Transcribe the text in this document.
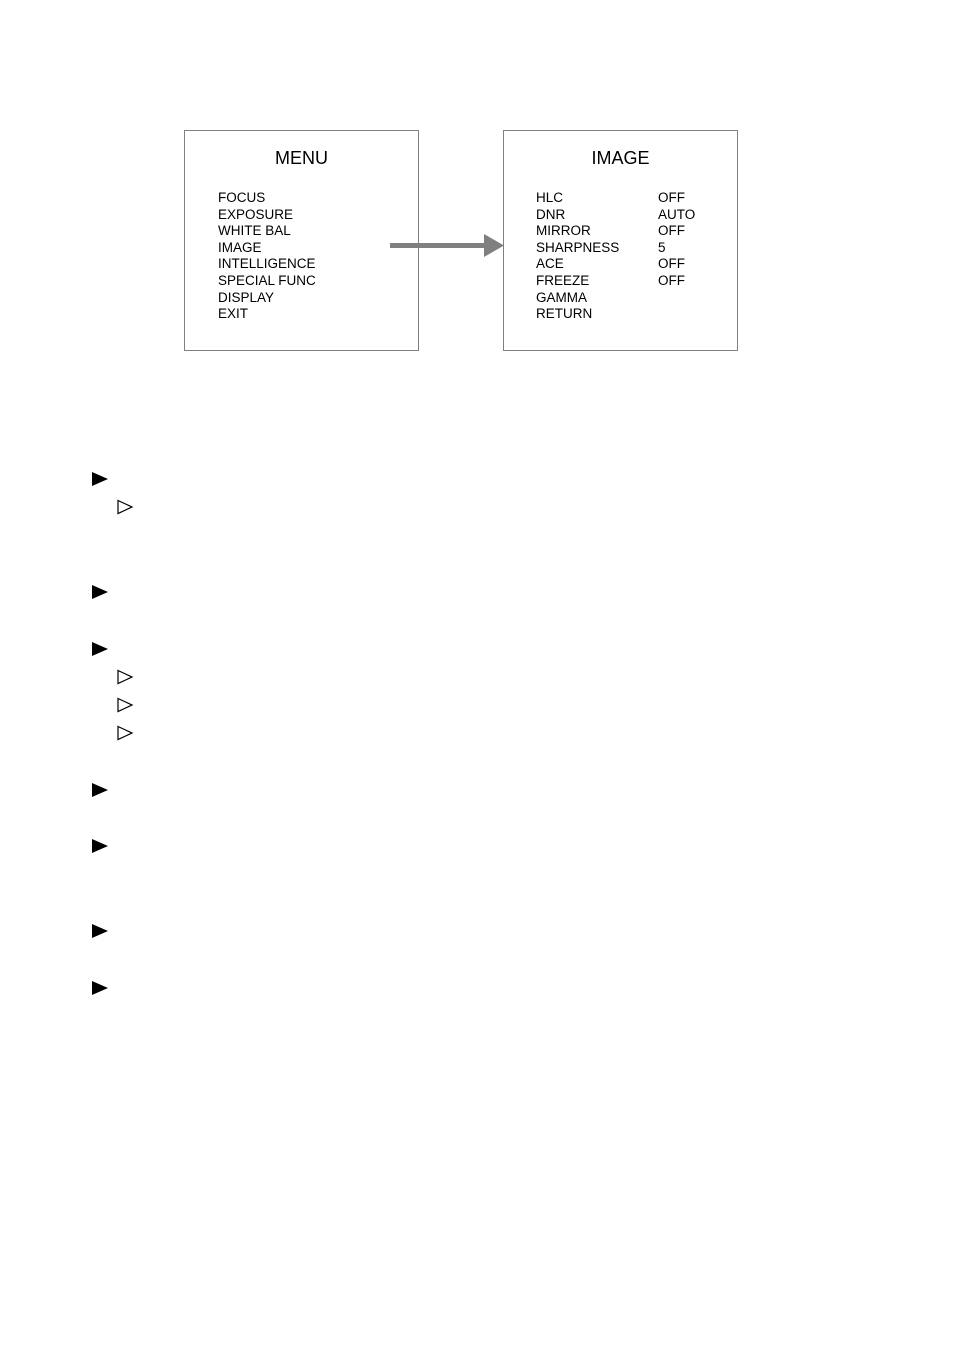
MENU
FOCUS
EXPOSURE
WHITE BAL
IMAGE
INTELLIGENCE
SPECIAL FUNC
DISPLAY
EXIT
IMAGE
HLC	OFF
DNR	AUTO
MIRROR	OFF
SHARPNESS	5
ACE	OFF
FREEZE	OFF
GAMMA
RETURN
